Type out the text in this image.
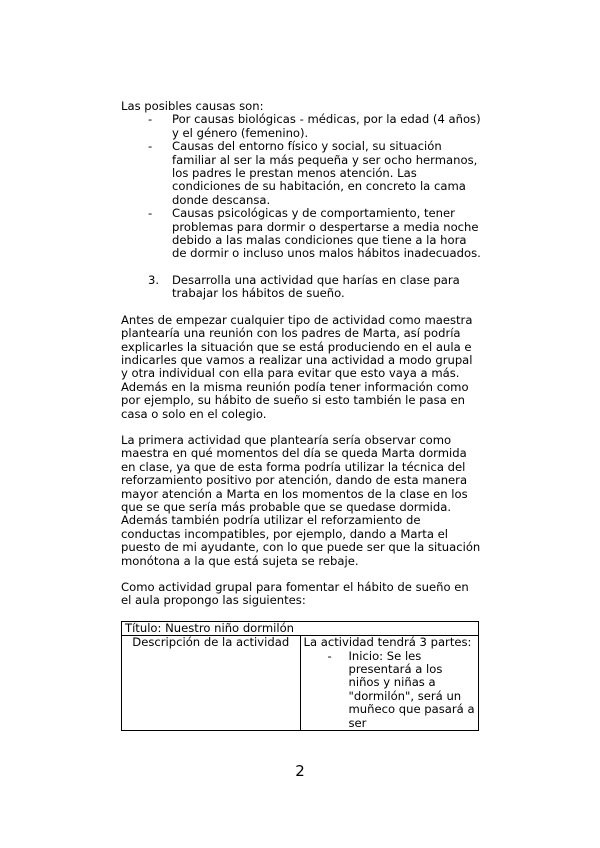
Las posibles causas son:

- Por causas biológicas - médicas, por la edad (4 años) y el género (femenino).
- Causas del entorno físico y social, su situación familiar al ser la más pequeña y ser ocho hermanos, los padres le prestan menos atención. Las condiciones de su habitación, en concreto la cama donde descansa.
- Causas psicológicas y de comportamiento, tener problemas para dormir o despertarse a media noche debido a las malas condiciones que tiene a la hora de dormir o incluso unos malos hábitos inadecuados.
3. Desarrolla una actividad que harías en clase para trabajar los hábitos de sueño.

Antes de empezar cualquier tipo de actividad como maestra plantearía una reunión con los padres de Marta, así podría explicarles la situación que se está produciendo en el aula e indicarles que vamos a realizar una actividad a modo grupal y otra individual con ella para evitar que esto vaya a más. Además en la misma reunión podía tener información como por ejemplo, su hábito de sueño si esto también le pasa en casa o solo en el colegio.

La primera actividad que plantearía sería observar como maestra en qué momentos del día se queda Marta dormida en clase, ya que de esta forma podría utilizar la técnica del reforzamiento positivo por atención, dando de esta manera mayor atención a Marta en los momentos de la clase en los que se que sería más probable que se quedase dormida. Además también podría utilizar el reforzamiento de conductas incompatibles, por ejemplo, dando a Marta el puesto de mi ayudante, con lo que puede ser que la situación monótona a la que está sujeta se rebaje.

Como actividad grupal para fomentar el hábito de sueño en el aula propongo las siguientes:

Título: Nuestro niño dormilón
Descripción de la actividad	La actividad tendrá 3 partes:
- Inicio: Se les presentará a los niños y niñas a "dormilón", será un muñeco que pasará a ser
2
